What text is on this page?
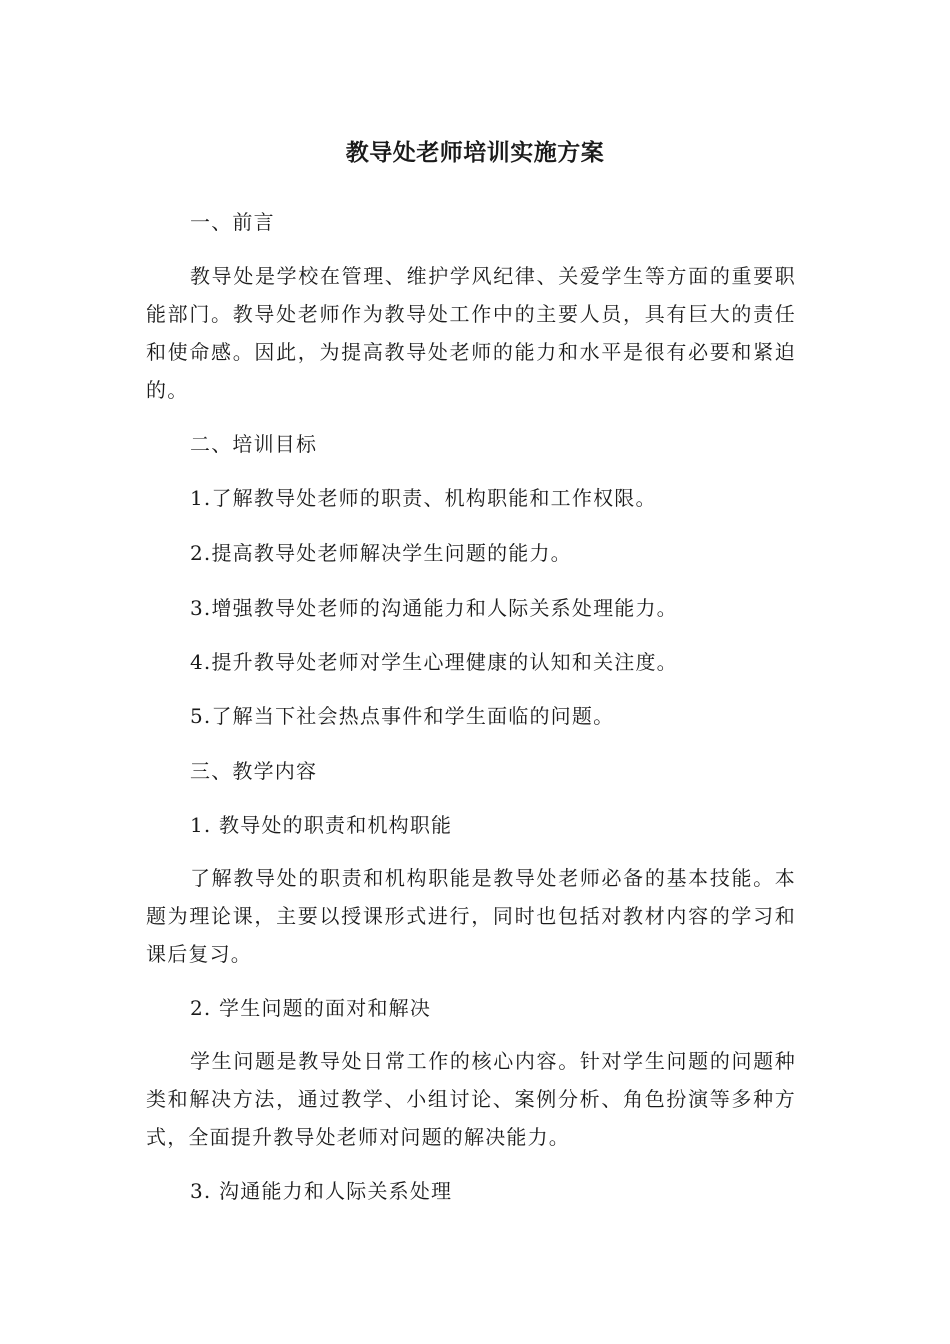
教导处老师培训实施方案
一、前言
教导处是学校在管理、维护学风纪律、关爱学生等方面的重要职能部门。教导处老师作为教导处工作中的主要人员，具有巨大的责任和使命感。因此，为提高教导处老师的能力和水平是很有必要和紧迫的。
二、培训目标
1.了解教导处老师的职责、机构职能和工作权限。
2.提高教导处老师解决学生问题的能力。
3.增强教导处老师的沟通能力和人际关系处理能力。
4.提升教导处老师对学生心理健康的认知和关注度。
5.了解当下社会热点事件和学生面临的问题。
三、教学内容
1. 教导处的职责和机构职能
了解教导处的职责和机构职能是教导处老师必备的基本技能。本题为理论课，主要以授课形式进行，同时也包括对教材内容的学习和课后复习。
2. 学生问题的面对和解决
学生问题是教导处日常工作的核心内容。针对学生问题的问题种类和解决方法，通过教学、小组讨论、案例分析、角色扮演等多种方式，全面提升教导处老师对问题的解决能力。
3. 沟通能力和人际关系处理
